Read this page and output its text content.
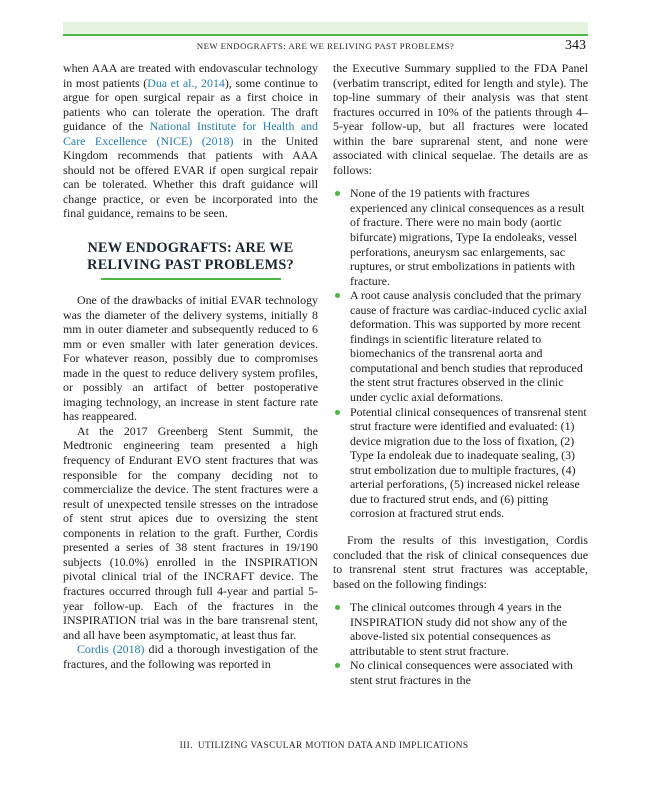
NEW ENDOGRAFTS: ARE WE RELIVING PAST PROBLEMS?	343

when AAA are treated with endovascular technology in most patients (Dua et al., 2014), some continue to argue for open surgical repair as a first choice in patients who can tolerate the operation. The draft guidance of the National Institute for Health and Care Excellence (NICE) (2018) in the United Kingdom recommends that patients with AAA should not be offered EVAR if open surgical repair can be tolerated. Whether this draft guidance will change practice, or even be incorporated into the final guidance, remains to be seen.

NEW ENDOGRAFTS: ARE WE RELIVING PAST PROBLEMS?

One of the drawbacks of initial EVAR technology was the diameter of the delivery systems, initially 8 mm in outer diameter and subsequently reduced to 6 mm or even smaller with later generation devices. For whatever reason, possibly due to compromises made in the quest to reduce delivery system profiles, or possibly an artifact of better postoperative imaging technology, an increase in stent facture rate has reappeared.

At the 2017 Greenberg Stent Summit, the Medtronic engineering team presented a high frequency of Endurant EVO stent fractures that was responsible for the company deciding not to commercialize the device. The stent fractures were a result of unexpected tensile stresses on the intradose of stent strut apices due to oversizing the stent components in relation to the graft. Further, Cordis presented a series of 38 stent fractures in 19/190 subjects (10.0%) enrolled in the INSPIRATION pivotal clinical trial of the INCRAFT device. The fractures occurred through full 4-year and partial 5-year follow-up. Each of the fractures in the INSPIRATION trial was in the bare transrenal stent, and all have been asymptomatic, at least thus far.

Cordis (2018) did a thorough investigation of the fractures, and the following was reported in

the Executive Summary supplied to the FDA Panel (verbatim transcript, edited for length and style). The top-line summary of their analysis was that stent fractures occurred in 10% of the patients through 4–5-year follow-up, but all fractures were located within the bare suprarenal stent, and none were associated with clinical sequelae. The details are as follows:

None of the 19 patients with fractures experienced any clinical consequences as a result of fracture. There were no main body (aortic bifurcate) migrations, Type Ia endoleaks, vessel perforations, aneurysm sac enlargements, sac ruptures, or strut embolizations in patients with fracture.
A root cause analysis concluded that the primary cause of fracture was cardiac-induced cyclic axial deformation. This was supported by more recent findings in scientific literature related to biomechanics of the transrenal aorta and computational and bench studies that reproduced the stent strut fractures observed in the clinic under cyclic axial deformations.
Potential clinical consequences of transrenal stent strut fracture were identified and evaluated: (1) device migration due to the loss of fixation, (2) Type Ia endoleak due to inadequate sealing, (3) strut embolization due to multiple fractures, (4) arterial perforations, (5) increased nickel release due to fractured strut ends, and (6) pitting corrosion at fractured strut ends.

From the results of this investigation, Cordis concluded that the risk of clinical consequences due to transrenal stent strut fractures was acceptable, based on the following findings:

The clinical outcomes through 4 years in the INSPIRATION study did not show any of the above-listed six potential consequences as attributable to stent strut fracture.
No clinical consequences were associated with stent strut fractures in the
III. UTILIZING VASCULAR MOTION DATA AND IMPLICATIONS
